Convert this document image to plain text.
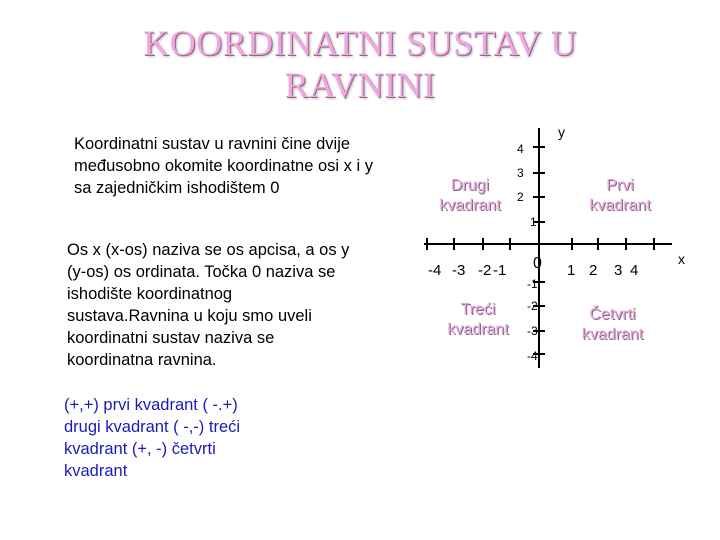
KOORDINATNI SUSTAV U
RAVNINI

Koordinatni sustav u ravnini čine dvije međusobno okomite koordinatne osi x i y sa zajedničkim ishodištem 0

Os x (x-os) naziva se os apcisa, a os y (y-os) os ordinata. Točka 0 naziva se ishodište koordinatnog sustava.Ravnina u koju smo uveli koordinatni sustav naziva se koordinatna ravnina.

(+,+) prvi kvadrant ( -.+) drugi kvadrant ( -,-) treći kvadrant (+, -) četvrti kvadrant

y
x
0
-4 -3 -2 -1	1 2 3 4
4
3
2
1
-1
-2
-3
-4
Drugi kvadrant
Prvi kvadrant
Treći kvadrant
Četvrti kvadrant
